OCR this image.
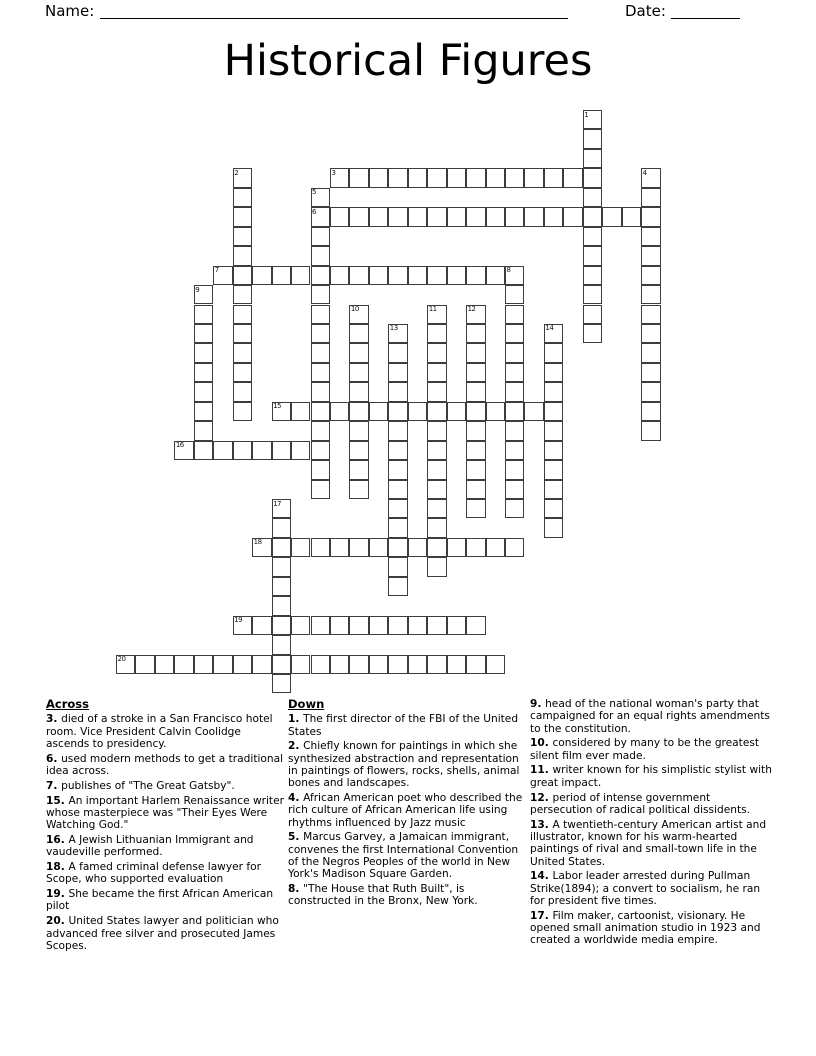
Name:	Date:
Historical Figures
1
2	3	4
5
6
7	8
9
10	11	12
13	14
15
16
17
18
19
20
Across
3. died of a stroke in a San Francisco hotel room. Vice President Calvin Coolidge ascends to presidency.
6. used modern methods to get a traditional idea across.
7. publishes of "The Great Gatsby".
15. An important Harlem Renaissance writer whose masterpiece was "Their Eyes Were Watching God."
16. A Jewish Lithuanian Immigrant and vaudeville performed.
18. A famed criminal defense lawyer for Scope, who supported evaluation
19. She became the first African American pilot
20. United States lawyer and politician who advanced free silver and prosecuted James Scopes.
Down
1. The first director of the FBI of the United States
2. Chiefly known for paintings in which she synthesized abstraction and representation in paintings of flowers, rocks, shells, animal bones and landscapes.
4. African American poet who described the rich culture of African American life using rhythms influenced by Jazz music
5. Marcus Garvey, a Jamaican immigrant, convenes the first International Convention of the Negros Peoples of the world in New York's Madison Square Garden.
8. "The House that Ruth Built", is constructed in the Bronx, New York.
9. head of the national woman's party that campaigned for an equal rights amendments to the constitution.
10. considered by many to be the greatest silent film ever made.
11. writer known for his simplistic stylist with great impact.
12. period of intense government persecution of radical political dissidents.
13. A twentieth-century American artist and illustrator, known for his warm-hearted paintings of rival and small-town life in the United States.
14. Labor leader arrested during Pullman Strike(1894); a convert to socialism, he ran for president five times.
17. Film maker, cartoonist, visionary. He opened small animation studio in 1923 and created a worldwide media empire.
